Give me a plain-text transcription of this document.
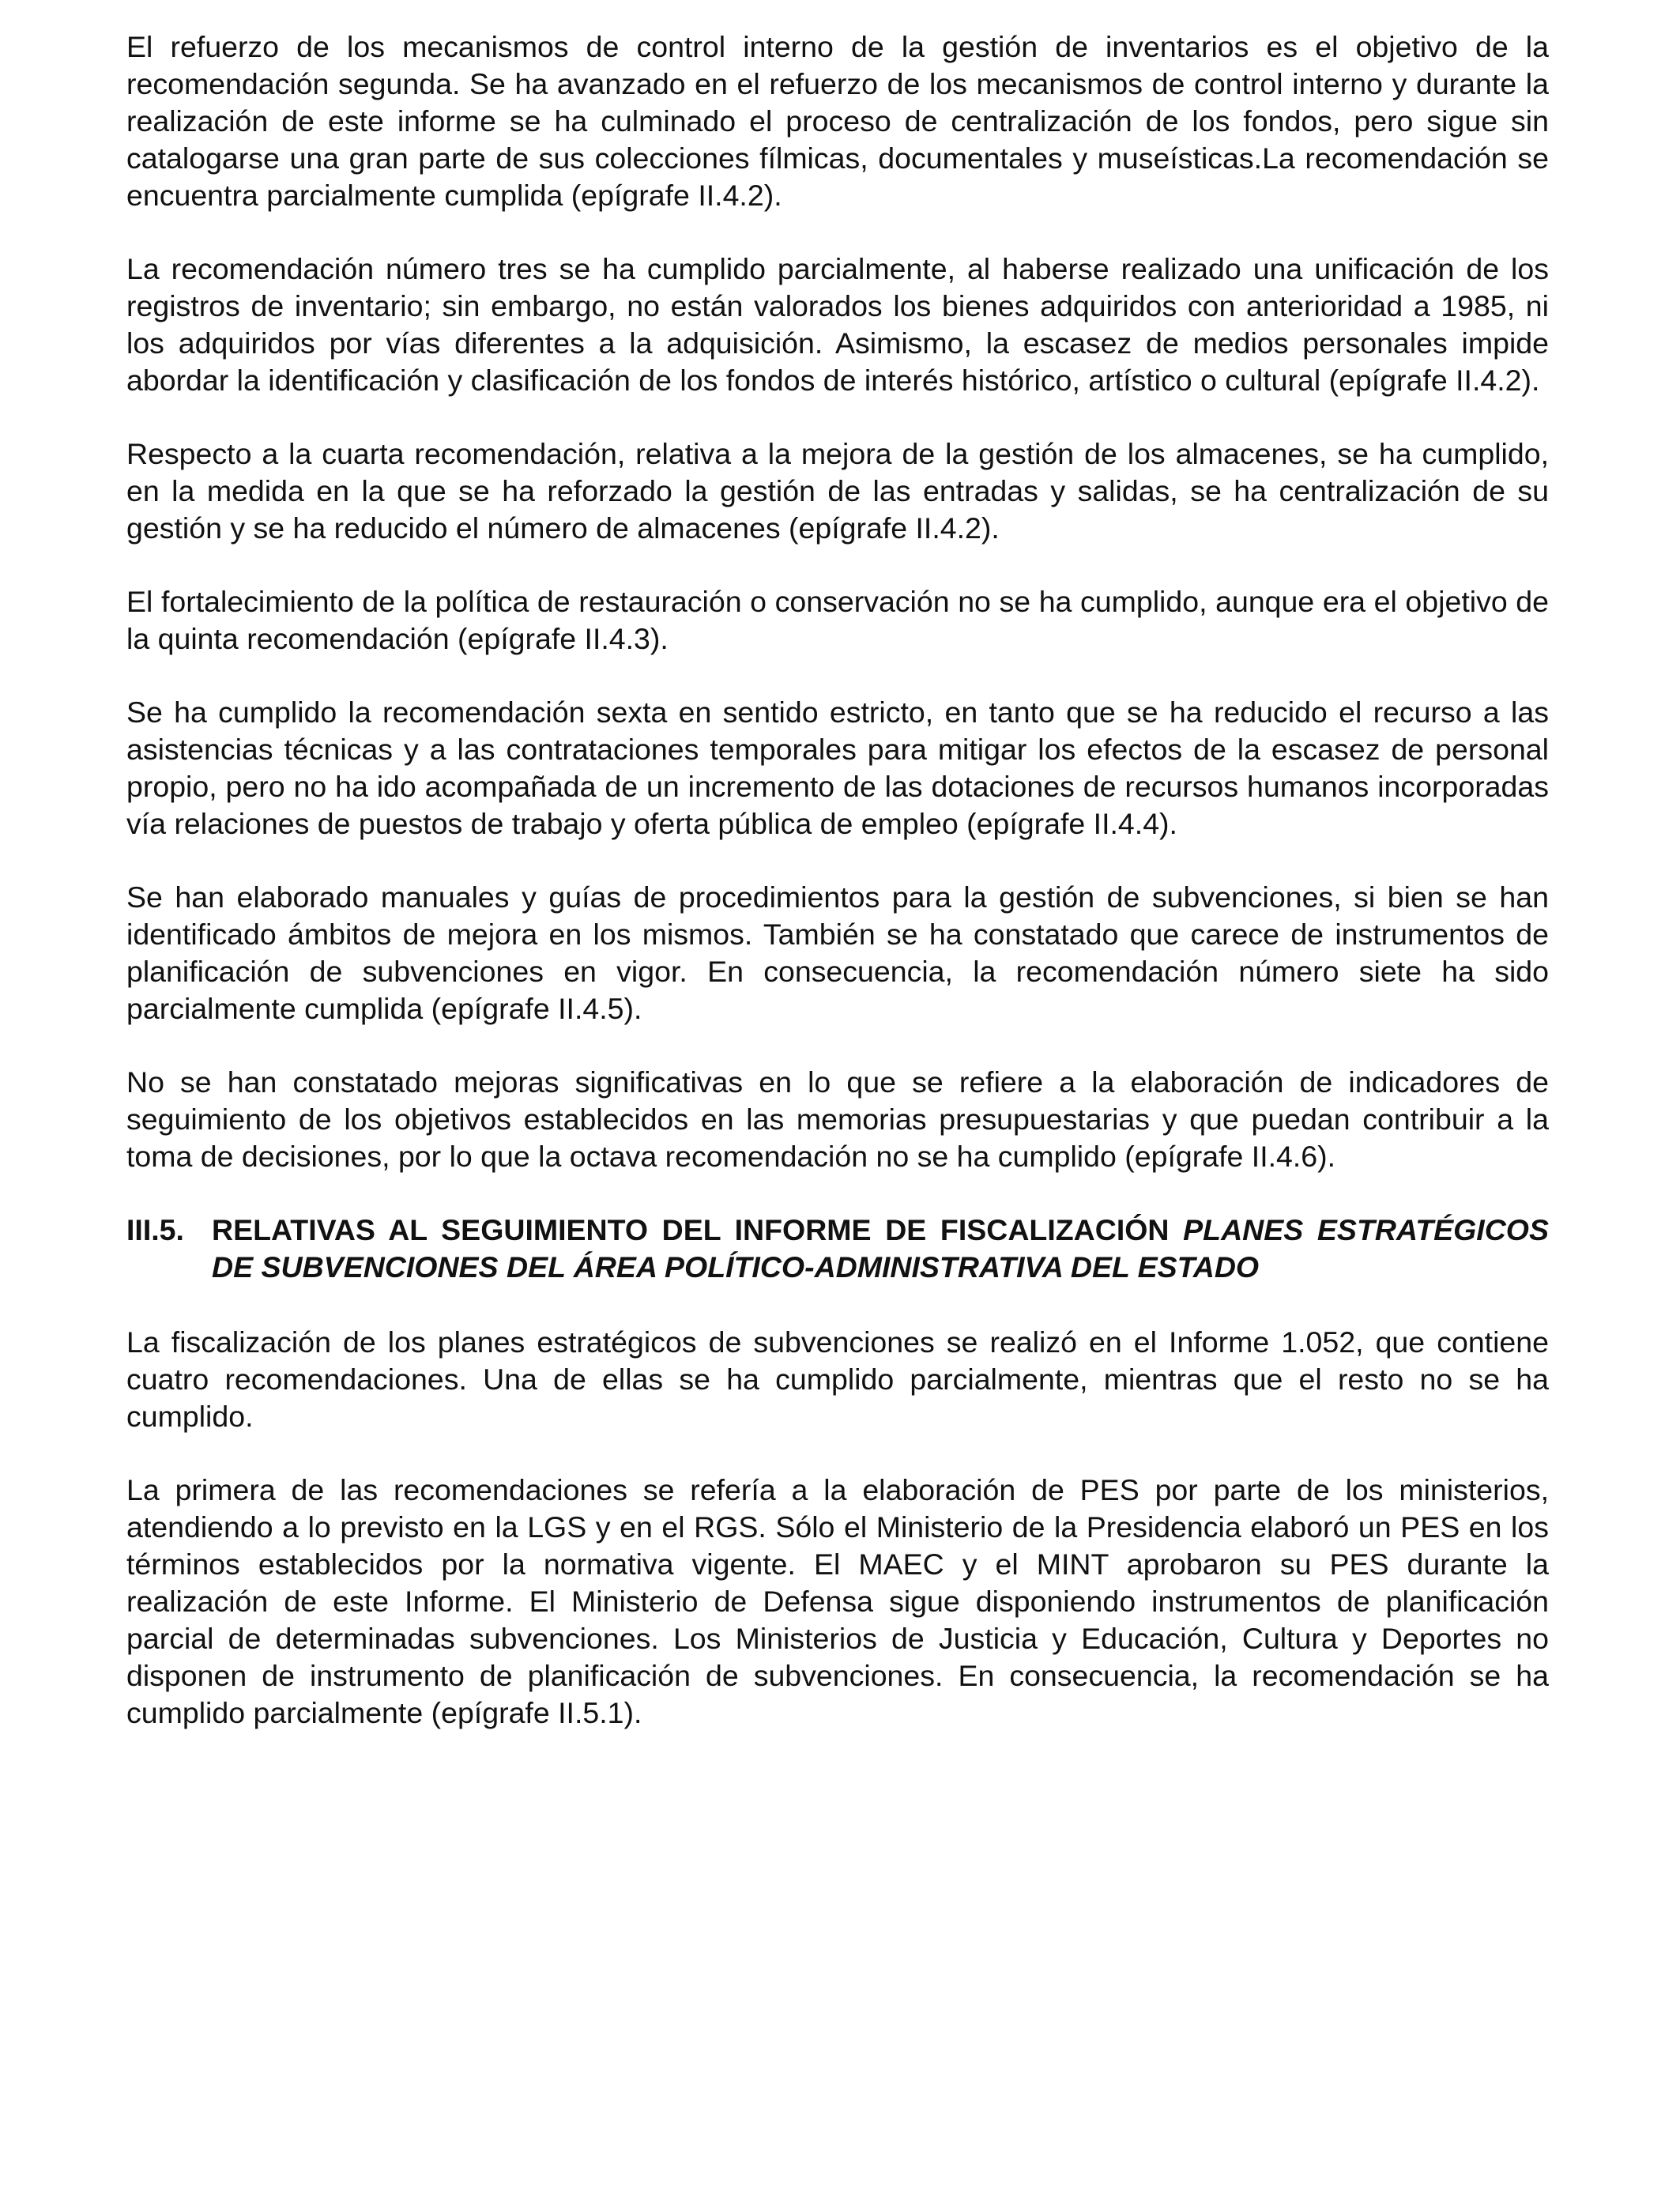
El refuerzo de los mecanismos de control interno de la gestión de inventarios es el objetivo de la recomendación segunda. Se ha avanzado en el refuerzo de los mecanismos de control interno y durante la realización de este informe se ha culminado el proceso de centralización de los fondos, pero sigue sin catalogarse una gran parte de sus colecciones fílmicas, documentales y museísticas.La recomendación se encuentra parcialmente cumplida (epígrafe II.4.2).

La recomendación número tres se ha cumplido parcialmente, al haberse realizado una unificación de los registros de inventario; sin embargo, no están valorados los bienes adquiridos con anterioridad a 1985, ni los adquiridos por vías diferentes a la adquisición. Asimismo, la escasez de medios personales impide abordar la identificación y clasificación de los fondos de interés histórico, artístico o cultural (epígrafe II.4.2).

Respecto a la cuarta recomendación, relativa a la mejora de la gestión de los almacenes, se ha cumplido, en la medida en la que se ha reforzado la gestión de las entradas y salidas, se ha centralización de su gestión y se ha reducido el número de almacenes (epígrafe II.4.2).

El fortalecimiento de la política de restauración o conservación no se ha cumplido, aunque era el objetivo de la quinta recomendación (epígrafe II.4.3).

Se ha cumplido la recomendación sexta en sentido estricto, en tanto que se ha reducido el recurso a las asistencias técnicas y a las contrataciones temporales para mitigar los efectos de la escasez de personal propio, pero no ha ido acompañada de un incremento de las dotaciones de recursos humanos incorporadas vía relaciones de puestos de trabajo y oferta pública de empleo (epígrafe II.4.4).

Se han elaborado manuales y guías de procedimientos para la gestión de subvenciones, si bien se han identificado ámbitos de mejora en los mismos. También se ha constatado que carece de instrumentos de planificación de subvenciones en vigor. En consecuencia, la recomendación número siete ha sido parcialmente cumplida (epígrafe II.4.5).

No se han constatado mejoras significativas en lo que se refiere a la elaboración de indicadores de seguimiento de los objetivos establecidos en las memorias presupuestarias y que puedan contribuir a la toma de decisiones, por lo que la octava recomendación no se ha cumplido (epígrafe II.4.6).

III.5. RELATIVAS AL SEGUIMIENTO DEL INFORME DE FISCALIZACIÓN PLANES ESTRATÉGICOS DE SUBVENCIONES DEL ÁREA POLÍTICO-ADMINISTRATIVA DEL ESTADO

La fiscalización de los planes estratégicos de subvenciones se realizó en el Informe 1.052, que contiene cuatro recomendaciones. Una de ellas se ha cumplido parcialmente, mientras que el resto no se ha cumplido.

La primera de las recomendaciones se refería a la elaboración de PES por parte de los ministerios, atendiendo a lo previsto en la LGS y en el RGS. Sólo el Ministerio de la Presidencia elaboró un PES en los términos establecidos por la normativa vigente. El MAEC y el MINT aprobaron su PES durante la realización de este Informe. El Ministerio de Defensa sigue disponiendo instrumentos de planificación parcial de determinadas subvenciones. Los Ministerios de Justicia y Educación, Cultura y Deportes no disponen de instrumento de planificación de subvenciones. En consecuencia, la recomendación se ha cumplido parcialmente (epígrafe II.5.1).
